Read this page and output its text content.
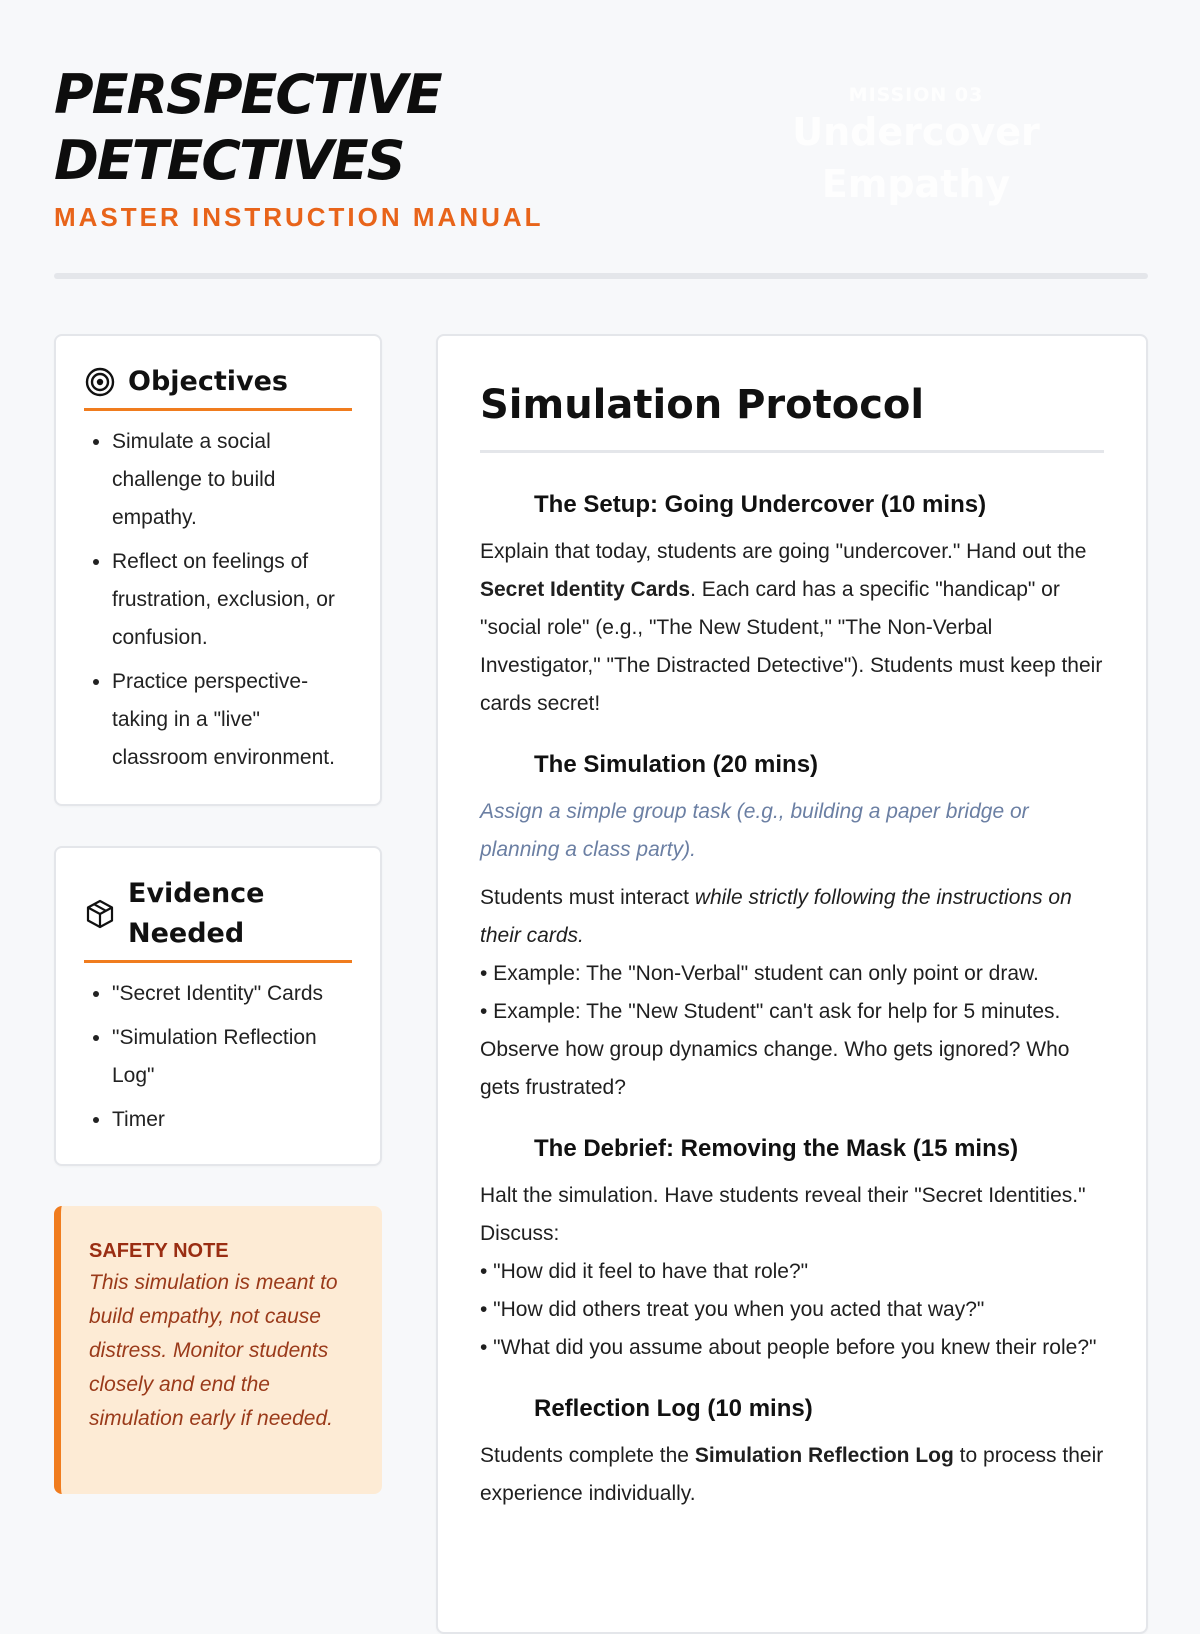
PERSPECTIVE
DETECTIVES
MASTER INSTRUCTION MANUAL
MISSION 03
Undercover Empathy
Objectives
• Simulate a social challenge to build empathy.
• Reflect on feelings of frustration, exclusion, or confusion.
• Practice perspective-taking in a "live" classroom environment.
Evidence Needed
• "Secret Identity" Cards
• "Simulation Reflection Log"
• Timer
SAFETY NOTE
This simulation is meant to build empathy, not cause distress. Monitor students closely and end the simulation early if needed.
Simulation Protocol
The Setup: Going Undercover (10 mins)

Explain that today, students are going "undercover." Hand out the Secret Identity Cards. Each card has a specific "handicap" or "social role" (e.g., "The New Student," "The Non-Verbal Investigator," "The Distracted Detective"). Students must keep their cards secret!

The Simulation (20 mins)

Assign a simple group task (e.g., building a paper bridge or planning a class party).

Students must interact while strictly following the instructions on their cards.

• Example: The "Non-Verbal" student can only point or draw.

• Example: The "New Student" can't ask for help for 5 minutes.

Observe how group dynamics change. Who gets ignored? Who gets frustrated?

The Debrief: Removing the Mask (15 mins)

Halt the simulation. Have students reveal their "Secret Identities." Discuss:

• "How did it feel to have that role?"

• "How did others treat you when you acted that way?"

• "What did you assume about people before you knew their role?"

Reflection Log (10 mins)

Students complete the Simulation Reflection Log to process their experience individually.
